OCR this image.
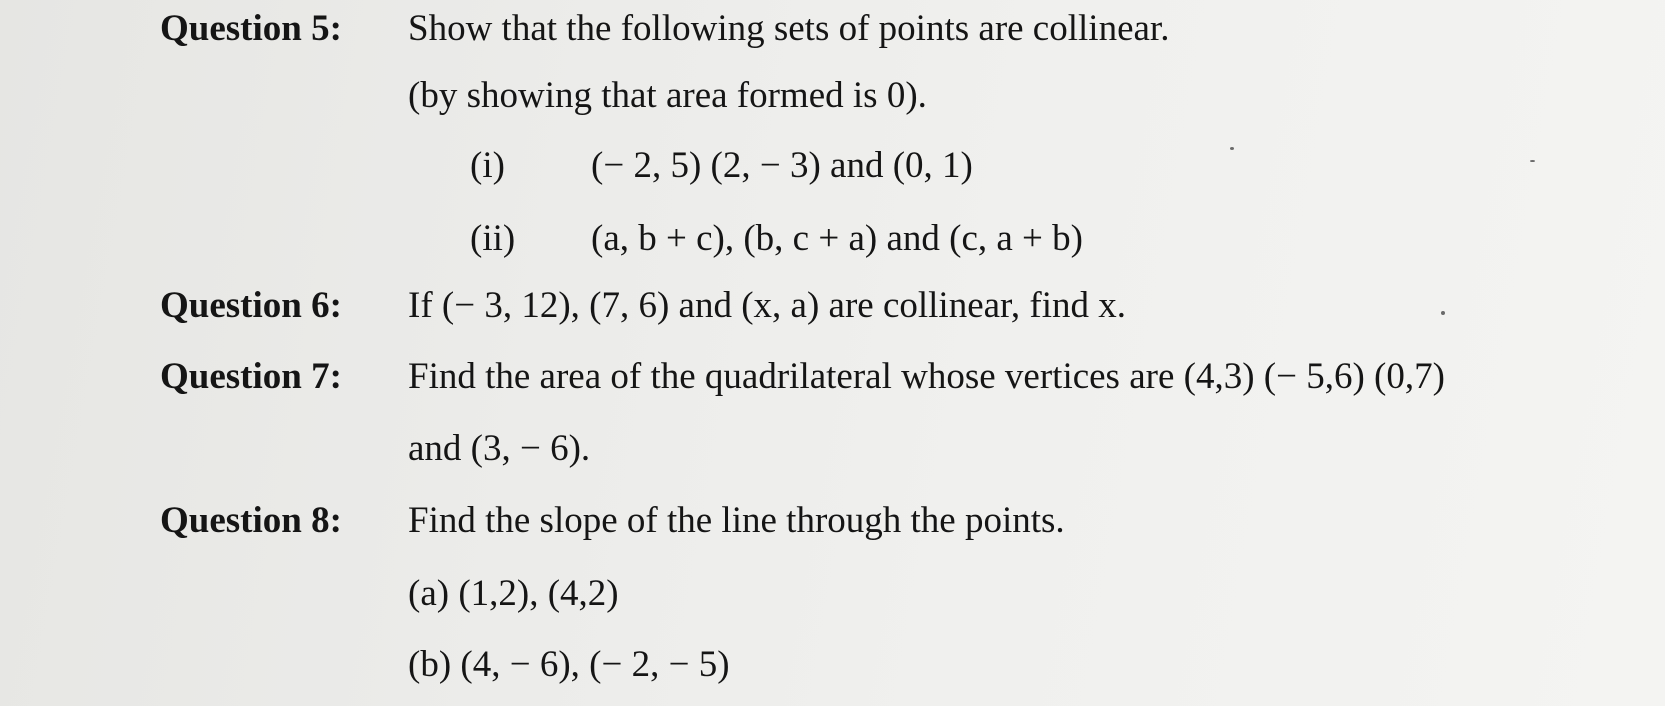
Question 5: Show that the following sets of points are collinear.
(by showing that area formed is 0).
(i) (− 2, 5) (2, − 3) and (0, 1)
(ii) (a, b + c), (b, c + a) and (c, a + b)
Question 6: If (− 3, 12), (7, 6) and (x, a) are collinear, find x.
Question 7: Find the area of the quadrilateral whose vertices are (4,3) (− 5,6) (0,7)
and (3, − 6).
Question 8: Find the slope of the line through the points.
(a) (1,2), (4,2)
(b) (4, − 6), (− 2, − 5)
